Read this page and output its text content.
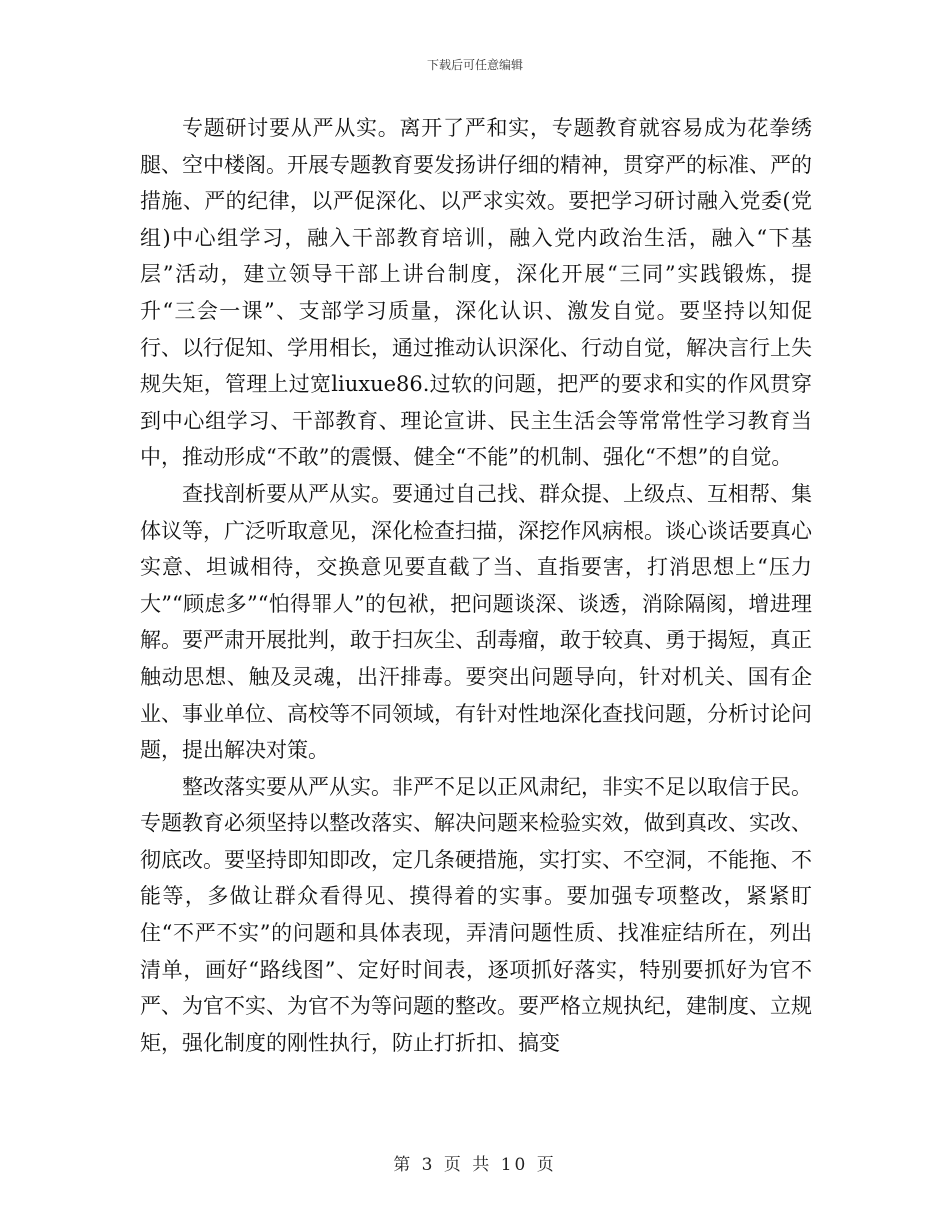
下载后可任意编辑

专题研讨要从严从实。离开了严和实，专题教育就容易成为花拳绣腿、空中楼阁。开展专题教育要发扬讲仔细的精神，贯穿严的标准、严的措施、严的纪律，以严促深化、以严求实效。要把学习研讨融入党委(党组)中心组学习，融入干部教育培训，融入党内政治生活，融入“下基层”活动，建立领导干部上讲台制度，深化开展“三同”实践锻炼，提升“三会一课”、支部学习质量，深化认识、激发自觉。要坚持以知促行、以行促知、学用相长，通过推动认识深化、行动自觉，解决言行上失规失矩，管理上过宽liuxue86.过软的问题，把严的要求和实的作风贯穿到中心组学习、干部教育、理论宣讲、民主生活会等常常性学习教育当中，推动形成“不敢”的震慑、健全“不能”的机制、强化“不想”的自觉。

查找剖析要从严从实。要通过自己找、群众提、上级点、互相帮、集体议等，广泛听取意见，深化检查扫描，深挖作风病根。谈心谈话要真心实意、坦诚相待，交换意见要直截了当、直指要害，打消思想上“压力大”“顾虑多”“怕得罪人”的包袱，把问题谈深、谈透，消除隔阂，增进理解。要严肃开展批判，敢于扫灰尘、刮毒瘤，敢于较真、勇于揭短，真正触动思想、触及灵魂，出汗排毒。要突出问题导向，针对机关、国有企业、事业单位、高校等不同领域，有针对性地深化查找问题，分析讨论问题，提出解决对策。

整改落实要从严从实。非严不足以正风肃纪，非实不足以取信于民。专题教育必须坚持以整改落实、解决问题来检验实效，做到真改、实改、彻底改。要坚持即知即改，定几条硬措施，实打实、不空洞，不能拖、不能等，多做让群众看得见、摸得着的实事。要加强专项整改，紧紧盯住“不严不实”的问题和具体表现，弄清问题性质、找准症结所在，列出清单，画好“路线图”、定好时间表，逐项抓好落实，特别要抓好为官不严、为官不实、为官不为等问题的整改。要严格立规执纪，建制度、立规矩，强化制度的刚性执行，防止打折扣、搞变

第 3 页 共 10 页
